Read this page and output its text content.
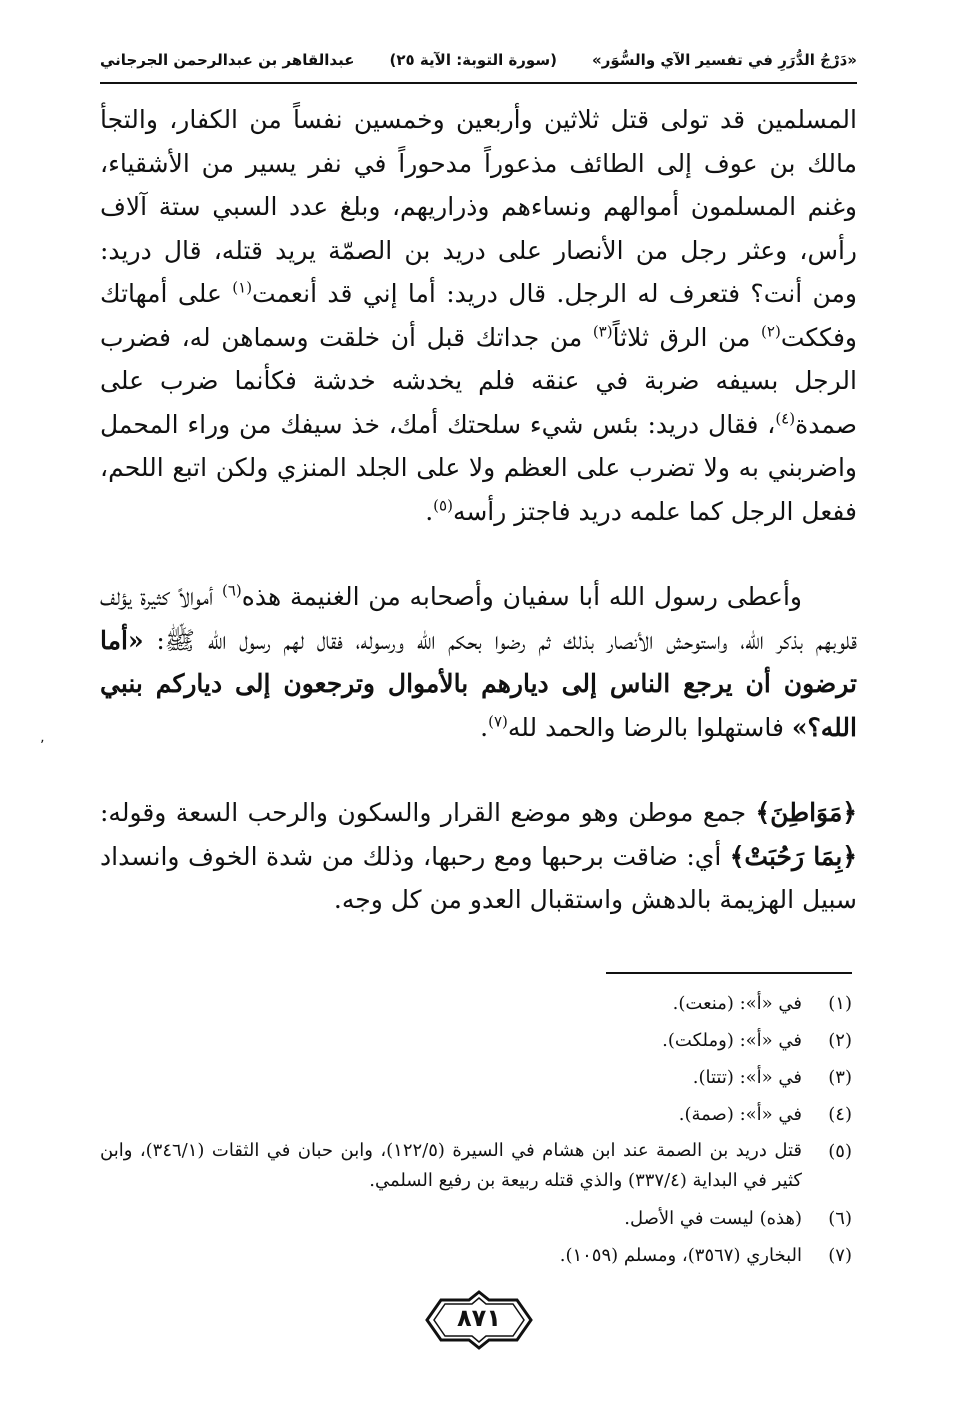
«دَرْجُ الدُّرَرِ في تفسير الآي والسُّوَر»
(سورة التوبة: الآية ٢٥)
عبدالقاهر بن عبدالرحمن الجرجاني

المسلمين قد تولى قتل ثلاثين وأربعين وخمسين نفساً من الكفار، والتجأ مالك بن عوف إلى الطائف مذعوراً مدحوراً في نفر يسير من الأشقياء، وغنم المسلمون أموالهم ونساءهم وذراريهم، وبلغ عدد السبي ستة آلاف رأس، وعثر رجل من الأنصار على دريد بن الصمّة يريد قتله، قال دريد: ومن أنت؟ فتعرف له الرجل. قال دريد: أما إني قد أنعمت$^{(١)}$ على أمهاتك وفككت$^{(٢)}$ من الرق ثلاثاً$^{(٣)}$ من جداتك قبل أن خلقت وسماهن له، فضرب الرجل بسيفه ضربة في عنقه فلم يخدشه خدشة فكأنما ضرب على صمدة$^{(٤)}$، فقال دريد: بئس شيء سلحتك أمك، خذ سيفك من وراء المحمل واضربني به ولا تضرب على العظم ولا على الجلد المنزي ولكن اتبع اللحم، ففعل الرجل كما علمه دريد فاجتز رأسه$^{(٥)}$.

وأعطى رسول الله أبا سفيان وأصحابه من الغنيمة هذه$^{(٦)}$ أموالاً كثيرة يؤلف قلوبهم بذكر الله، واستوحش الأنصار بذلك ثم رضوا بحكم الله ورسوله، فقال لهم رسول الله ﷺ: «أما ترضون أن يرجع الناس إلى ديارهم بالأموال وترجعون إلى دياركم بنبي الله؟» فاستهلوا بالرضا والحمد لله$^{(٧)}$.

﴿مَوَاطِنَ﴾ جمع موطن وهو موضع القرار والسكون والرحب السعة وقوله: ﴿بِمَا رَحُبَتْ﴾ أي: ضاقت برحبها ومع رحبها، وذلك من شدة الخوف وانسداد سبيل الهزيمة بالدهش واستقبال العدو من كل وجه.

٬
(١)
في «أ»: (منعت).
(٢)
في «أ»: (وملكت).
(٣)
في «أ»: (تتتا).
(٤)
في «أ»: (صمة).
(٥)
قتل دريد بن الصمة عند ابن هشام في السيرة (١٢٢/٥)، وابن حبان في الثقات (٣٤٦/١)، وابن كثير في البداية (٣٣٧/٤) والذي قتله ربيعة بن رفيع السلمي.
(٦)
(هذه) ليست في الأصل.
(٧)
البخاري (٣٥٦٧)، ومسلم (١٠٥٩).
٨٧١
